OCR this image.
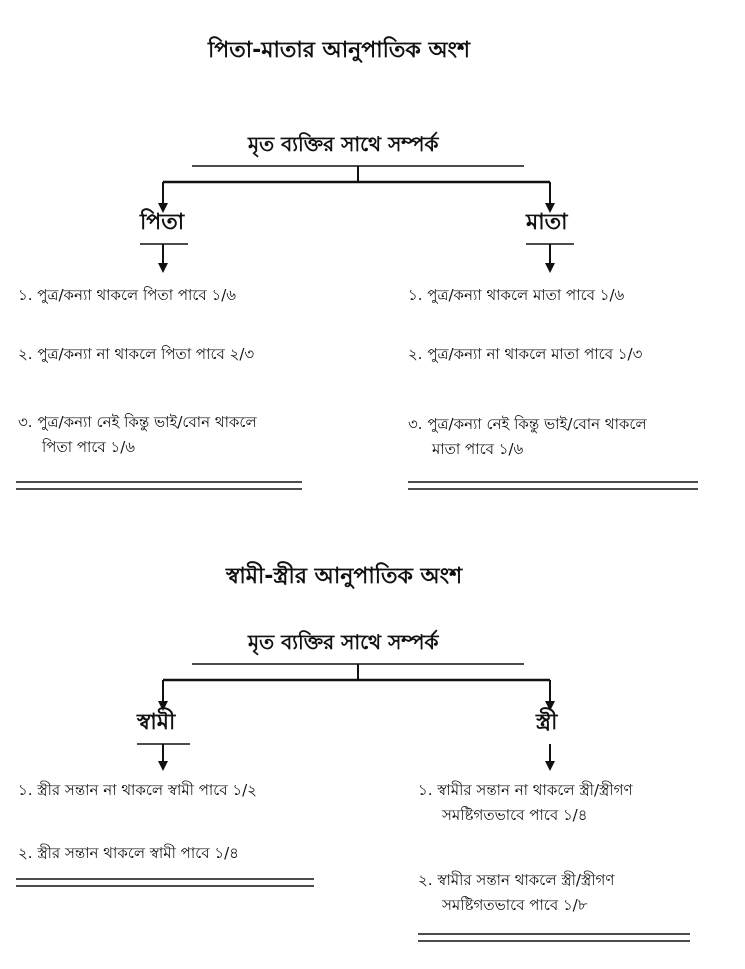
পিতা-মাতার আনুপাতিক অংশ
মৃত ব্যক্তির সাথে সম্পর্ক
পিতা	মাতা
১. পুত্র/কন্যা থাকলে পিতা পাবে ১/৬
২. পুত্র/কন্যা না থাকলে পিতা পাবে ২/৩
৩. পুত্র/কন্যা নেই কিন্তু ভাই/বোন থাকলে
পিতা পাবে ১/৬
১. পুত্র/কন্যা থাকলে মাতা পাবে ১/৬
২. পুত্র/কন্যা না থাকলে মাতা পাবে ১/৩
৩. পুত্র/কন্যা নেই কিন্তু ভাই/বোন থাকলে
মাতা পাবে ১/৬
স্বামী-স্ত্রীর আনুপাতিক অংশ
মৃত ব্যক্তির সাথে সম্পর্ক
স্বামী	স্ত্রী
১. স্ত্রীর সন্তান না থাকলে স্বামী পাবে ১/২
২. স্ত্রীর সন্তান থাকলে স্বামী পাবে ১/৪
১. স্বামীর সন্তান না থাকলে স্ত্রী/স্ত্রীগণ
সমষ্টিগতভাবে পাবে ১/৪
২. স্বামীর সন্তান থাকলে স্ত্রী/স্ত্রীগণ
সমষ্টিগতভাবে পাবে ১/৮
